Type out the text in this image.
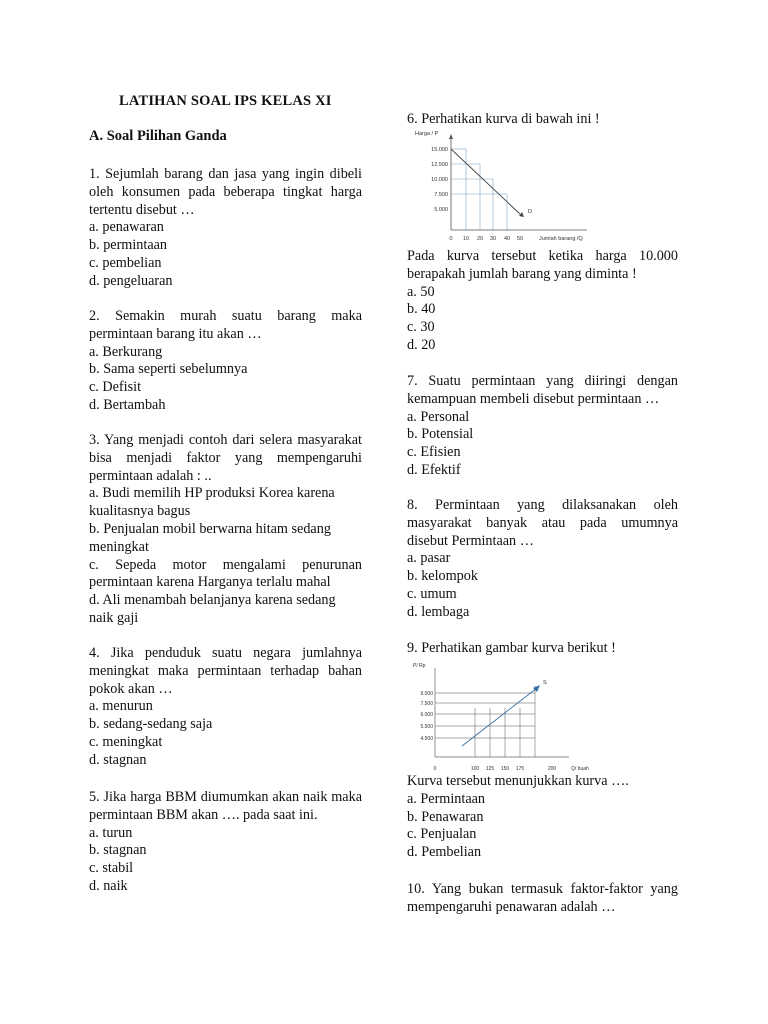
LATIHAN SOAL IPS KELAS XI
A. Soal Pilihan Ganda
1. Sejumlah barang dan jasa yang ingin dibeli oleh konsumen pada beberapa tingkat harga tertentu disebut …
a. penawaran
b. permintaan
c. pembelian
d. pengeluaran
2. Semakin murah suatu barang maka permintaan barang itu akan …
a. Berkurang
b. Sama seperti sebelumnya
c. Defisit
d. Bertambah
3. Yang menjadi contoh dari selera masyarakat bisa menjadi faktor yang mempengaruhi permintaan adalah : ..
a. Budi memilih HP produksi Korea karena kualitasnya bagus
b. Penjualan mobil berwarna hitam sedang meningkat
c. Sepeda motor mengalami penurunan permintaan karena Harganya terlalu mahal
d. Ali menambah belanjanya karena sedang naik gaji
4. Jika penduduk suatu negara jumlahnya meningkat maka permintaan terhadap bahan pokok akan …
a. menurun
b. sedang-sedang saja
c. meningkat
d. stagnan
5. Jika harga BBM diumumkan akan naik maka permintaan BBM akan …. pada saat ini.
a. turun
b. stagnan
c. stabil
d. naik
6. Perhatikan kurva di bawah ini !
Harga / P
15.000
12.500
10.000
7.500
5.000
0 10 20 30 40 50	Jumlah barang /Q
D
Pada kurva tersebut ketika harga 10.000 berapakah jumlah barang yang diminta !
a. 50
b. 40
c. 30
d. 20
7. Suatu permintaan yang diiringi dengan kemampuan membeli disebut permintaan …
a. Personal
b. Potensial
c. Efisien
d. Efektif
8. Permintaan yang dilaksanakan oleh masyarakat banyak atau pada umumnya disebut Permintaan …
a. pasar
b. kelompok
c. umum
d. lembaga
9. Perhatikan gambar kurva berikut !
P/ Rp
9.000
7.500
6.000
5.500
4.500
0	100 125 150 175	200	Q/ buah
S
Kurva tersebut menunjukkan kurva ….
a. Permintaan
b. Penawaran
c. Penjualan
d. Pembelian
10. Yang bukan termasuk faktor-faktor yang mempengaruhi penawaran adalah …
